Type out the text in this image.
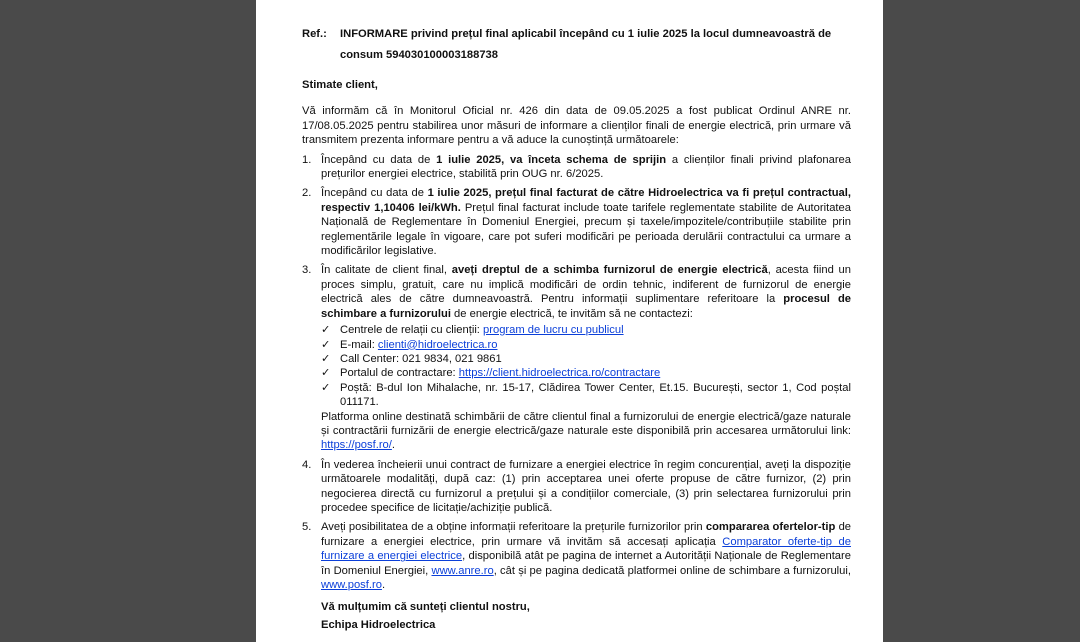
Ref.:	INFORMARE privind prețul final aplicabil începând cu 1 iulie 2025 la locul dumneavoastră de consum 594030100003188738

Stimate client,

Vă informăm că în Monitorul Oficial nr. 426 din data de 09.05.2025 a fost publicat Ordinul ANRE nr. 17/08.05.2025 pentru stabilirea unor măsuri de informare a clienților finali de energie electrică, prin urmare vă transmitem prezenta informare pentru a vă aduce la cunoștință următoarele:

1. Începând cu data de 1 iulie 2025, va înceta schema de sprijin a clienților finali privind plafonarea prețurilor energiei electrice, stabilită prin OUG nr. 6/2025.

2. Începând cu data de 1 iulie 2025, prețul final facturat de către Hidroelectrica va fi prețul contractual, respectiv 1,10406 lei/kWh. Prețul final facturat include toate tarifele reglementate stabilite de Autoritatea Națională de Reglementare în Domeniul Energiei, precum și taxele/impozitele/contribuțiile stabilite prin reglementările legale în vigoare, care pot suferi modificări pe perioada derulării contractului ca urmare a modificărilor legislative.

3. În calitate de client final, aveți dreptul de a schimba furnizorul de energie electrică, acesta fiind un proces simplu, gratuit, care nu implică modificări de ordin tehnic, indiferent de furnizorul de energie electrică ales de către dumneavoastră. Pentru informații suplimentare referitoare la procesul de schimbare a furnizorului de energie electrică, te invităm să ne contactezi:

✓ Centrele de relații cu clienții: program de lucru cu publicul
✓ E-mail: clienti@hidroelectrica.ro
✓ Call Center: 021 9834, 021 9861
✓ Portalul de contractare: https://client.hidroelectrica.ro/contractare
✓ Poștă: B-dul Ion Mihalache, nr. 15-17, Clădirea Tower Center, Et.15. București, sector 1, Cod poștal 011171.

Platforma online destinată schimbării de către clientul final a furnizorului de energie electrică/gaze naturale și contractării furnizării de energie electrică/gaze naturale este disponibilă prin accesarea următorului link: https://posf.ro/.

4. În vederea încheierii unui contract de furnizare a energiei electrice în regim concurențial, aveți la dispoziție următoarele modalități, după caz: (1) prin acceptarea unei oferte propuse de către furnizor, (2) prin negocierea directă cu furnizorul a prețului și a condițiilor comerciale, (3) prin selectarea furnizorului prin procedee specifice de licitație/achiziție publică.

5. Aveți posibilitatea de a obține informații referitoare la prețurile furnizorilor prin compararea ofertelor-tip de furnizare a energiei electrice, prin urmare vă invităm să accesați aplicația Comparator oferte-tip de furnizare a energiei electrice, disponibilă atât pe pagina de internet a Autorității Naționale de Reglementare în Domeniul Energiei, www.anre.ro, cât și pe pagina dedicată platformei online de schimbare a furnizorului, www.posf.ro.

Vă mulțumim că sunteți clientul nostru,
Echipa Hidroelectrica
